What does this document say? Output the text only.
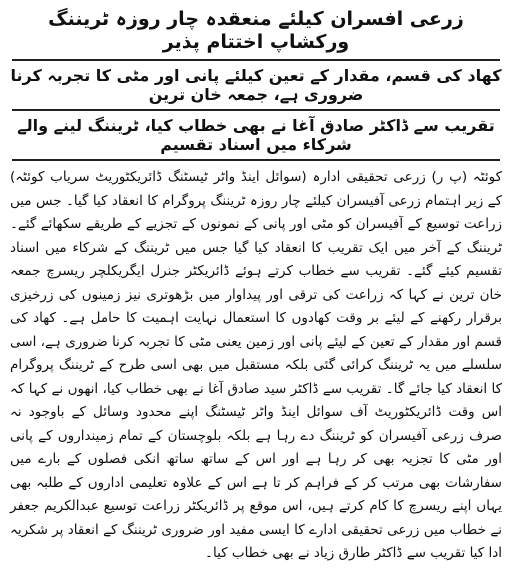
زرعی افسران کیلئے منعقدہ چار روزہ ٹریننگ ورکشاپ اختتام پذیر
کھاد کی قسم، مقدار کے تعین کیلئے پانی اور مٹی کا تجربہ کرنا ضروری ہے، جمعہ خان ترین
تقریب سے ڈاکٹر صادق آغا نے بھی خطاب کیا، ٹریننگ لینے والے شرکاء میں اسناد تقسیم

کوئٹہ (پ ر) زرعی تحقیقی ادارہ (سوائل اینڈ واٹر ٹیسٹنگ ڈائریکٹوریٹ سریاب کوئٹہ) کے زیر اہتمام زرعی آفیسران کیلئے چار روزہ ٹریننگ پروگرام کا انعقاد کیا گیا۔ جس میں زراعت توسیع کے آفیسران کو مٹی اور پانی کے نمونوں کے تجزیے کے طریقے سکھائے گئے۔ ٹریننگ کے آخر میں ایک تقریب کا انعقاد کیا گیا جس میں ٹریننگ کے شرکاء میں اسناد تقسیم کیئے گئے۔ تقریب سے خطاب کرتے ہوئے ڈائریکٹر جنرل ایگریکلچر ریسرچ جمعہ خان ترین نے کہا کہ زراعت کی ترقی اور پیداوار میں بڑھوتری نیز زمینوں کی زرخیزی برقرار رکھنے کے لیئے بر وقت کھادوں کا استعمال نہایت اہمیت کا حامل ہے۔ کھاد کی قسم اور مقدار کے تعین کے لیئے پانی اور زمین یعنی مٹی کا تجربہ کرنا ضروری ہے، اسی سلسلے میں یہ ٹریننگ کرائی گئی بلکہ مستقبل میں بھی اسی طرح کے ٹریننگ پروگرام کا انعقاد کیا جائے گا۔ تقریب سے ڈاکٹر سید صادق آغا نے بھی خطاب کیا، انھوں نے کہا کہ اس وقت ڈائریکٹوریٹ آف سوائل اینڈ واٹر ٹیسٹنگ اپنے محدود وسائل کے باوجود نہ صرف زرعی آفیسران کو ٹریننگ دے رہا ہے بلکہ بلوچستان کے تمام زمینداروں کے پانی اور مٹی کا تجزیہ بھی کر رہا ہے اور اس کے ساتھ ساتھ انکی فصلوں کے بارے میں سفارشات بھی مرتب کر کے فراہم کر تا ہے اس کے علاوہ تعلیمی اداروں کے طلبہ بھی یہاں اپنے ریسرچ کا کام کرتے ہیں، اس موقع پر ڈائریکٹر زراعت توسیع عبدالکریم جعفر نے خطاب میں زرعی تحقیقی ادارے کا ایسی مفید اور ضروری ٹریننگ کے انعقاد پر شکریہ ادا کیا تقریب سے ڈاکٹر طارق زیاد نے بھی خطاب کیا۔
